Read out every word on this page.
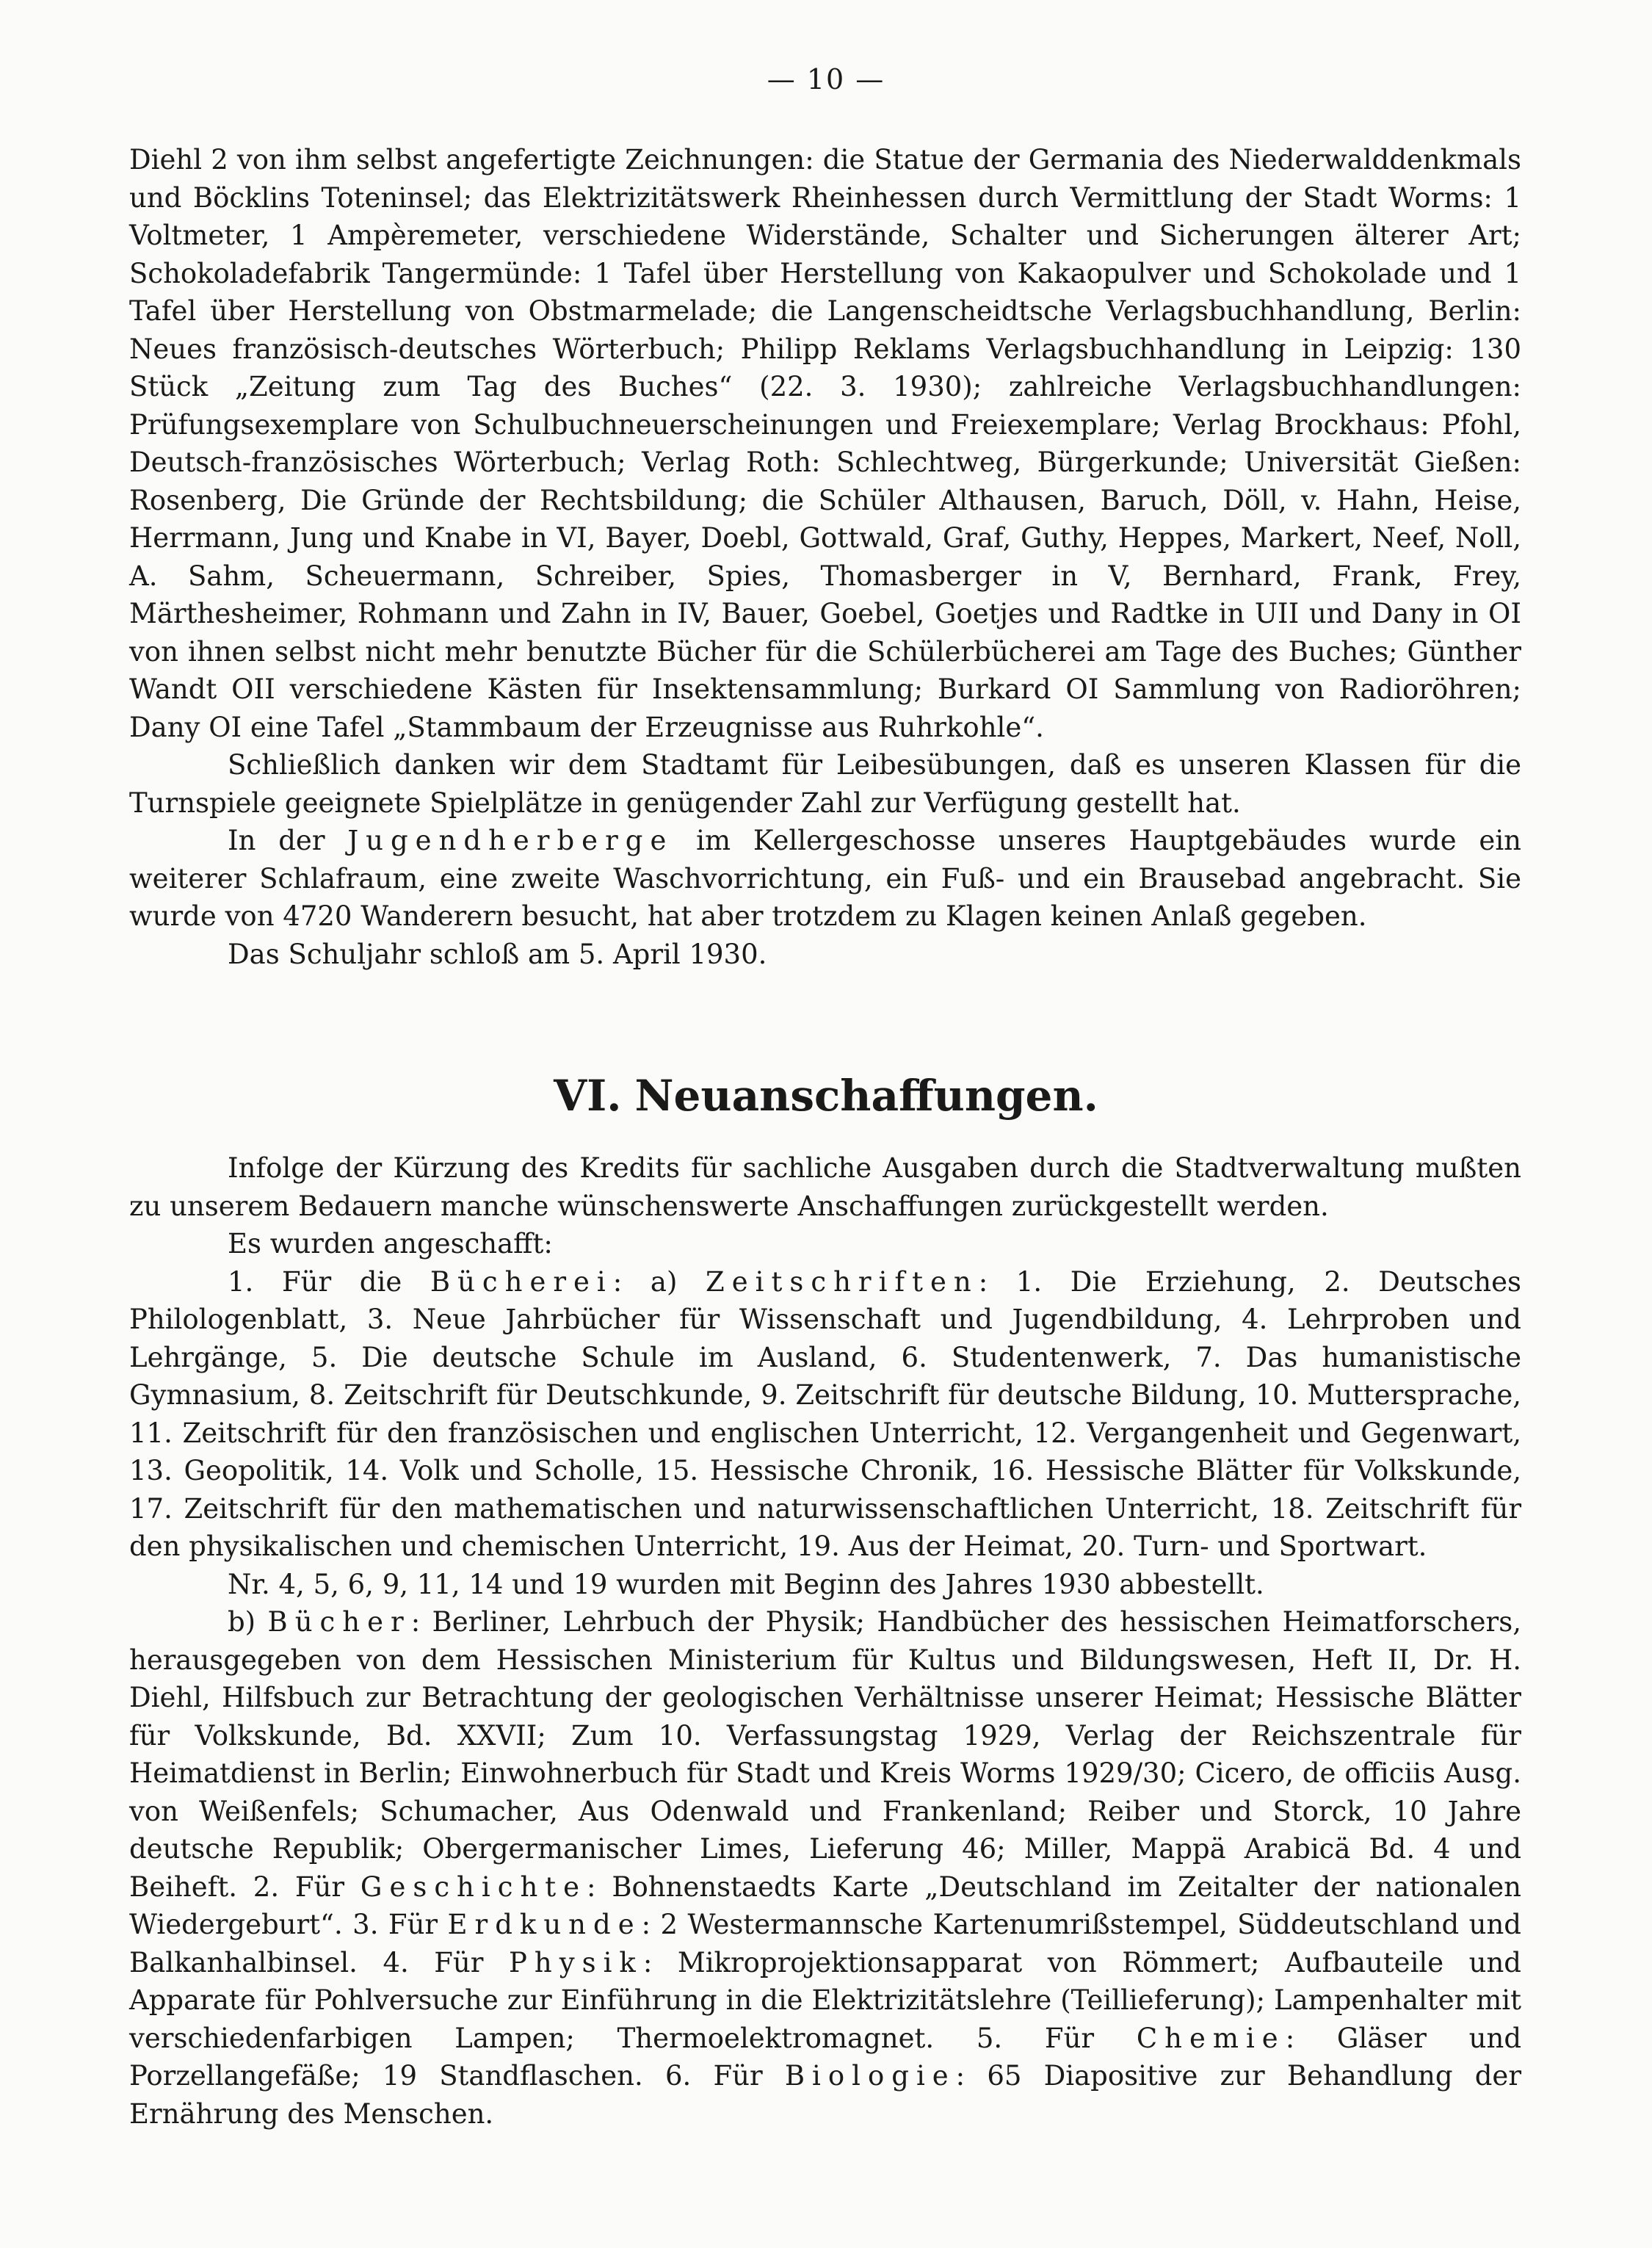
— 10 —

Diehl 2 von ihm selbst angefertigte Zeichnungen: die Statue der Germania des Niederwalddenkmals und Böcklins Toteninsel; das Elektrizitätswerk Rheinhessen durch Vermittlung der Stadt Worms: 1 Voltmeter, 1 Ampèremeter, verschiedene Widerstände, Schalter und Sicherungen älterer Art; Schokoladefabrik Tangermünde: 1 Tafel über Herstellung von Kakaopulver und Schokolade und 1 Tafel über Herstellung von Obstmarmelade; die Langenscheidtsche Verlagsbuchhandlung, Berlin: Neues französisch-deutsches Wörterbuch; Philipp Reklams Verlagsbuchhandlung in Leipzig: 130 Stück „Zeitung zum Tag des Buches“ (22. 3. 1930); zahlreiche Verlagsbuchhandlungen: Prüfungsexemplare von Schulbuchneuerscheinungen und Freiexemplare; Verlag Brockhaus: Pfohl, Deutsch-französisches Wörterbuch; Verlag Roth: Schlechtweg, Bürgerkunde; Universität Gießen: Rosenberg, Die Gründe der Rechtsbildung; die Schüler Althausen, Baruch, Döll, v. Hahn, Heise, Herrmann, Jung und Knabe in VI, Bayer, Doebl, Gottwald, Graf, Guthy, Heppes, Markert, Neef, Noll, A. Sahm, Scheuermann, Schreiber, Spies, Thomasberger in V, Bernhard, Frank, Frey, Märthesheimer, Rohmann und Zahn in IV, Bauer, Goebel, Goetjes und Radtke in UII und Dany in OI von ihnen selbst nicht mehr benutzte Bücher für die Schülerbücherei am Tage des Buches; Günther Wandt OII verschiedene Kästen für Insektensammlung; Burkard OI Sammlung von Radioröhren; Dany OI eine Tafel „Stammbaum der Erzeugnisse aus Ruhrkohle“.

Schließlich danken wir dem Stadtamt für Leibesübungen, daß es unseren Klassen für die Turnspiele geeignete Spielplätze in genügender Zahl zur Verfügung gestellt hat.

In der Jugendherberge im Kellergeschosse unseres Hauptgebäudes wurde ein weiterer Schlafraum, eine zweite Waschvorrichtung, ein Fuß- und ein Brausebad angebracht. Sie wurde von 4720 Wanderern besucht, hat aber trotzdem zu Klagen keinen Anlaß gegeben.

Das Schuljahr schloß am 5. April 1930.

VI. Neuanschaffungen.

Infolge der Kürzung des Kredits für sachliche Ausgaben durch die Stadtverwaltung mußten zu unserem Bedauern manche wünschenswerte Anschaffungen zurückgestellt werden.

Es wurden angeschafft:

1. Für die Bücherei: a) Zeitschriften: 1. Die Erziehung, 2. Deutsches Philologenblatt, 3. Neue Jahrbücher für Wissenschaft und Jugendbildung, 4. Lehrproben und Lehrgänge, 5. Die deutsche Schule im Ausland, 6. Studentenwerk, 7. Das humanistische Gymnasium, 8. Zeitschrift für Deutschkunde, 9. Zeitschrift für deutsche Bildung, 10. Muttersprache, 11. Zeitschrift für den französischen und englischen Unterricht, 12. Vergangenheit und Gegenwart, 13. Geopolitik, 14. Volk und Scholle, 15. Hessische Chronik, 16. Hessische Blätter für Volkskunde, 17. Zeitschrift für den mathematischen und naturwissenschaftlichen Unterricht, 18. Zeitschrift für den physikalischen und chemischen Unterricht, 19. Aus der Heimat, 20. Turn- und Sportwart.

Nr. 4, 5, 6, 9, 11, 14 und 19 wurden mit Beginn des Jahres 1930 abbestellt.

b) Bücher: Berliner, Lehrbuch der Physik; Handbücher des hessischen Heimatforschers, herausgegeben von dem Hessischen Ministerium für Kultus und Bildungswesen, Heft II, Dr. H. Diehl, Hilfsbuch zur Betrachtung der geologischen Verhältnisse unserer Heimat; Hessische Blätter für Volkskunde, Bd. XXVII; Zum 10. Verfassungstag 1929, Verlag der Reichszentrale für Heimatdienst in Berlin; Einwohnerbuch für Stadt und Kreis Worms 1929/30; Cicero, de officiis Ausg. von Weißenfels; Schumacher, Aus Odenwald und Frankenland; Reiber und Storck, 10 Jahre deutsche Republik; Obergermanischer Limes, Lieferung 46; Miller, Mappä Arabicä Bd. 4 und Beiheft. 2. Für Geschichte: Bohnenstaedts Karte „Deutschland im Zeitalter der nationalen Wiedergeburt“. 3. Für Erdkunde: 2 Westermannsche Kartenumrißstempel, Süddeutschland und Balkanhalbinsel. 4. Für Physik: Mikroprojektionsapparat von Römmert; Aufbauteile und Apparate für Pohlversuche zur Einführung in die Elektrizitätslehre (Teillieferung); Lampenhalter mit verschiedenfarbigen Lampen; Thermoelektromagnet. 5. Für Chemie: Gläser und Porzellangefäße; 19 Standflaschen. 6. Für Biologie: 65 Diapositive zur Behandlung der Ernährung des Menschen.
